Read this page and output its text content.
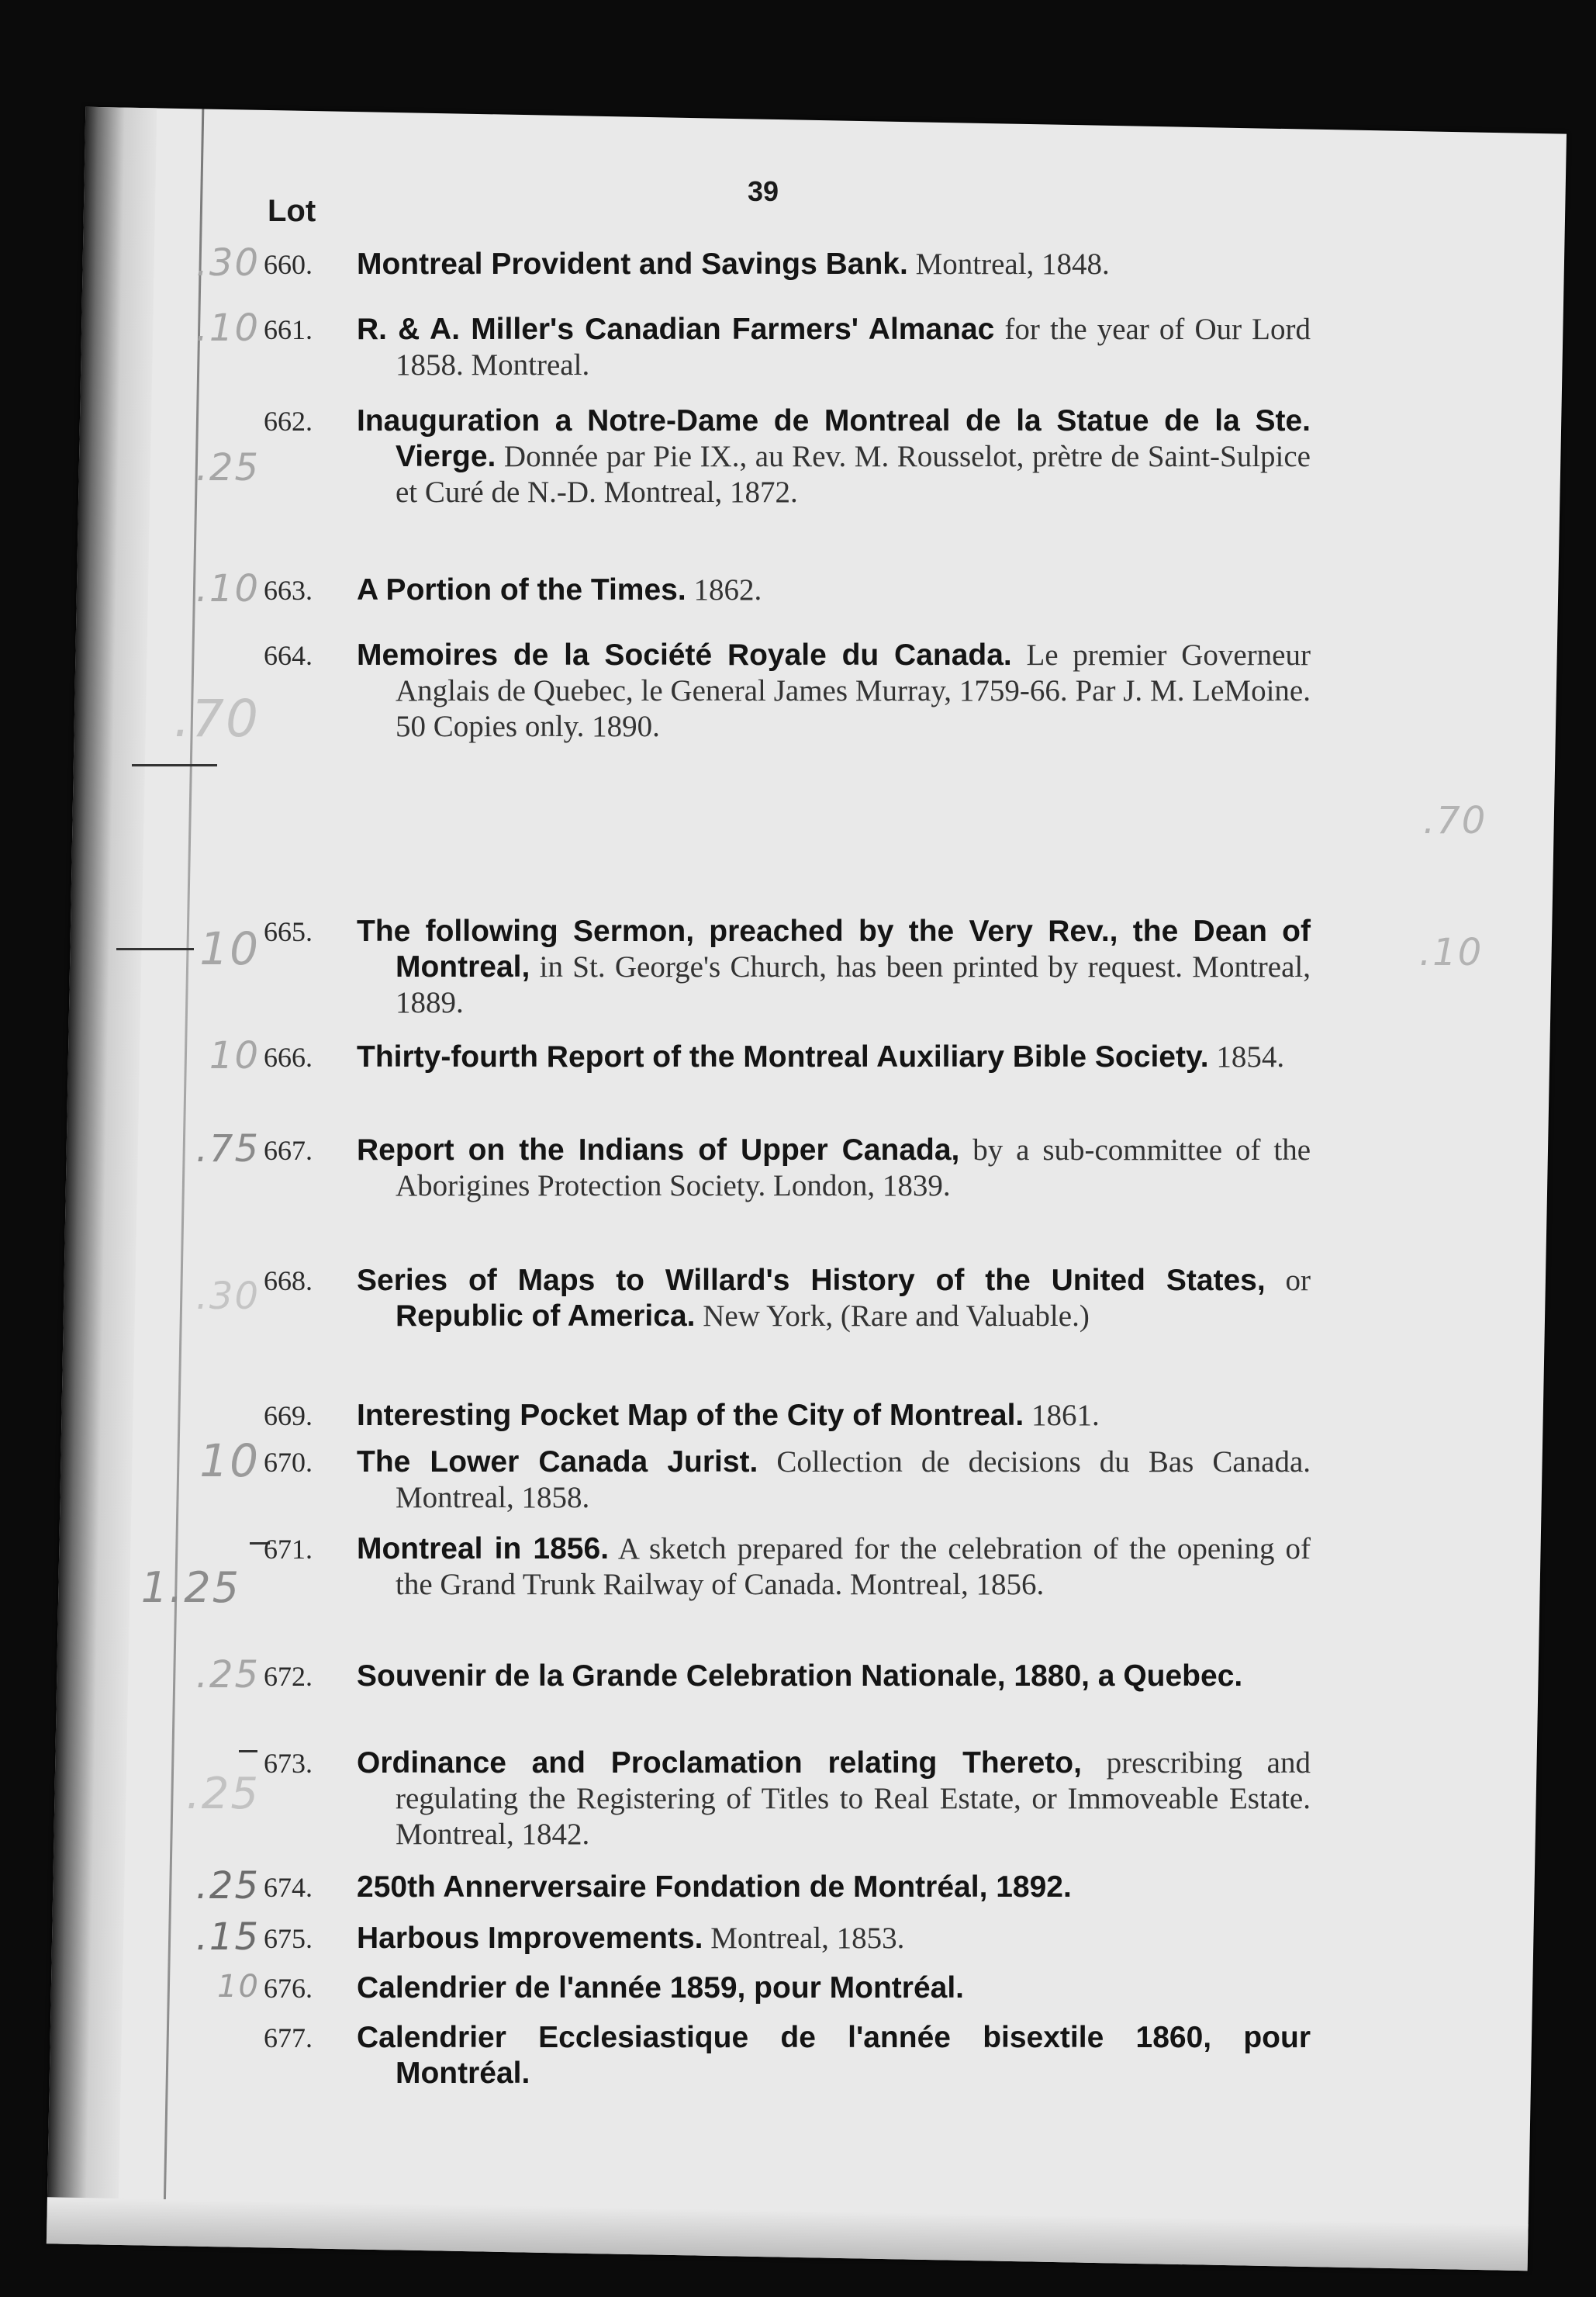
39
Lot
.30 660.	Montreal Provident and Savings Bank. Montreal, 1848.
.10 661.	R. & A. Miller's Canadian Farmers' Almanac for the year of Our Lord 1858. Montreal.
.25
662.	Inauguration a Notre-Dame de Montreal de la Statue de la Ste. Vierge. Donnée par Pie IX., au Rev. M. Rousselot, prètre de Saint-Sulpice et Curé de N.-D. Montreal, 1872.
.10 663.	A Portion of the Times. 1862.
.70
664.	Memoires de la Société Royale du Canada. Le premier Governeur Anglais de Quebec, le General James Murray, 1759-66. Par J. M. LeMoine. 50 Copies only. 1890.
.70
10 665.	The following Sermon, preached by the Very Rev., the Dean of Montreal, in St. George's Church, has been printed by request. Montreal, 1889.
.10
10 666.	Thirty-fourth Report of the Montreal Auxiliary Bible Society. 1854.
.75 667.	Report on the Indians of Upper Canada, by a sub-committee of the Aborigines Protection Society. London, 1839.
.30 668.	Series of Maps to Willard's History of the United States, or Republic of America. New York, (Rare and Valuable.)
669.	Interesting Pocket Map of the City of Montreal. 1861.
10 670.	The Lower Canada Jurist. Collection de decisions du Bas Canada. Montreal, 1858.
1.25
671.	Montreal in 1856. A sketch prepared for the celebration of the opening of the Grand Trunk Railway of Canada. Montreal, 1856.
.25 672.	Souvenir de la Grande Celebration Nationale, 1880, a Quebec.
.25
673.	Ordinance and Proclamation relating Thereto, prescribing and regulating the Registering of Titles to Real Estate, or Immoveable Estate. Montreal, 1842.
.25 674.	250th Annerversaire Fondation de Montréal, 1892.
.15 675.	Harbous Improvements. Montreal, 1853.
10 676.	Calendrier de l'année 1859, pour Montréal.
677.	Calendrier Ecclesiastique de l'année bisextile 1860, pour Montréal.
